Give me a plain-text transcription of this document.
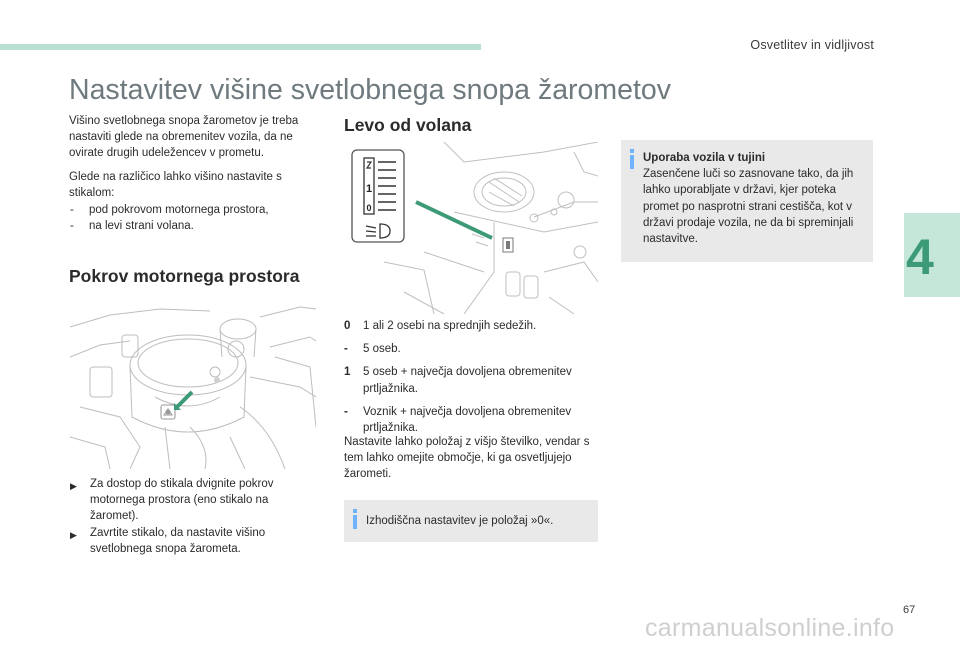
Osvetlitev in vidljivost
4
Nastavitev višine svetlobnega snopa žarometov

Višino svetlobnega snopa žarometov je treba nastaviti glede na obremenitev vozila, da ne ovirate drugih udeležencev v prometu.

Glede na različico lahko višino nastavite s stikalom:

- pod pokrovom motornega prostora,
- na levi strani volana.
Pokrov motornega prostora
▶ Za dostop do stikala dvignite pokrov motornega prostora (eno stikalo na žaromet).
▶ Zavrtite stikalo, da nastavite višino svetlobnega snopa žarometa.
Levo od volana
0
1
0 1 ali 2 osebi na sprednjih sedežih.
- 5 oseb.
1 5 oseb + največja dovoljena obremenitev prtljažnika.
- Voznik + največja dovoljena obremenitev prtljažnika.
Nastavite lahko položaj z višjo številko, vendar s tem lahko omejite območje, ki ga osvetljujejo žarometi.
Izhodiščna nastavitev je položaj »0«.
Uporaba vozila v tujini
Zasenčene luči so zasnovane tako, da jih lahko uporabljate v državi, kjer poteka promet po nasprotni strani cestišča, kot v državi prodaje vozila, ne da bi spreminjali nastavitve.
67
carmanualsonline.info
